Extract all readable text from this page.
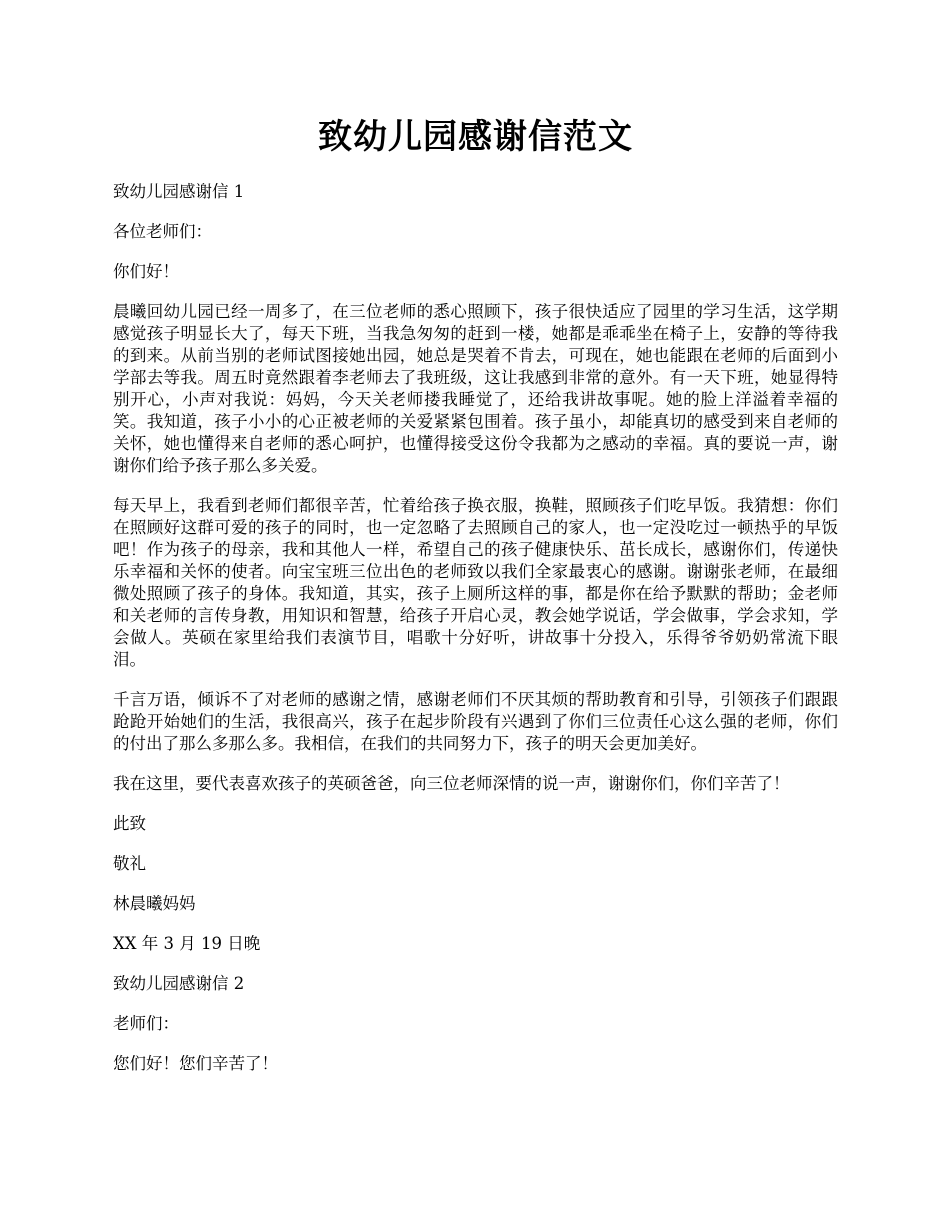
致幼儿园感谢信范文

致幼儿园感谢信 1

各位老师们：

你们好！

晨曦回幼儿园已经一周多了，在三位老师的悉心照顾下，孩子很快适应了园里的学习生活，这学期感觉孩子明显长大了，每天下班，当我急匆匆的赶到一楼，她都是乖乖坐在椅子上，安静的等待我的到来。从前当别的老师试图接她出园，她总是哭着不肯去，可现在，她也能跟在老师的后面到小学部去等我。周五时竟然跟着李老师去了我班级，这让我感到非常的意外。有一天下班，她显得特别开心，小声对我说：妈妈，今天关老师搂我睡觉了，还给我讲故事呢。她的脸上洋溢着幸福的笑。我知道，孩子小小的心正被老师的关爱紧紧包围着。孩子虽小，却能真切的感受到来自老师的关怀，她也懂得来自老师的悉心呵护，也懂得接受这份令我都为之感动的幸福。真的要说一声，谢谢你们给予孩子那么多关爱。

每天早上，我看到老师们都很辛苦，忙着给孩子换衣服，换鞋，照顾孩子们吃早饭。我猜想：你们在照顾好这群可爱的孩子的同时，也一定忽略了去照顾自己的家人，也一定没吃过一顿热乎的早饭吧！作为孩子的母亲，我和其他人一样，希望自己的孩子健康快乐、茁长成长，感谢你们，传递快乐幸福和关怀的使者。向宝宝班三位出色的老师致以我们全家最衷心的感谢。谢谢张老师，在最细微处照顾了孩子的身体。我知道，其实，孩子上厕所这样的事，都是你在给予默默的帮助；金老师和关老师的言传身教，用知识和智慧，给孩子开启心灵，教会她学说话，学会做事，学会求知，学会做人。英硕在家里给我们表演节目，唱歌十分好听，讲故事十分投入，乐得爷爷奶奶常流下眼泪。

千言万语，倾诉不了对老师的感谢之情，感谢老师们不厌其烦的帮助教育和引导，引领孩子们跟跟跄跄开始她们的生活，我很高兴，孩子在起步阶段有兴遇到了你们三位责任心这么强的老师，你们的付出了那么多那么多。我相信，在我们的共同努力下，孩子的明天会更加美好。

我在这里，要代表喜欢孩子的英硕爸爸，向三位老师深情的说一声，谢谢你们，你们辛苦了！

此致

敬礼

林晨曦妈妈

XX 年 3 月 19 日晚

致幼儿园感谢信 2

老师们：

您们好！您们辛苦了！
